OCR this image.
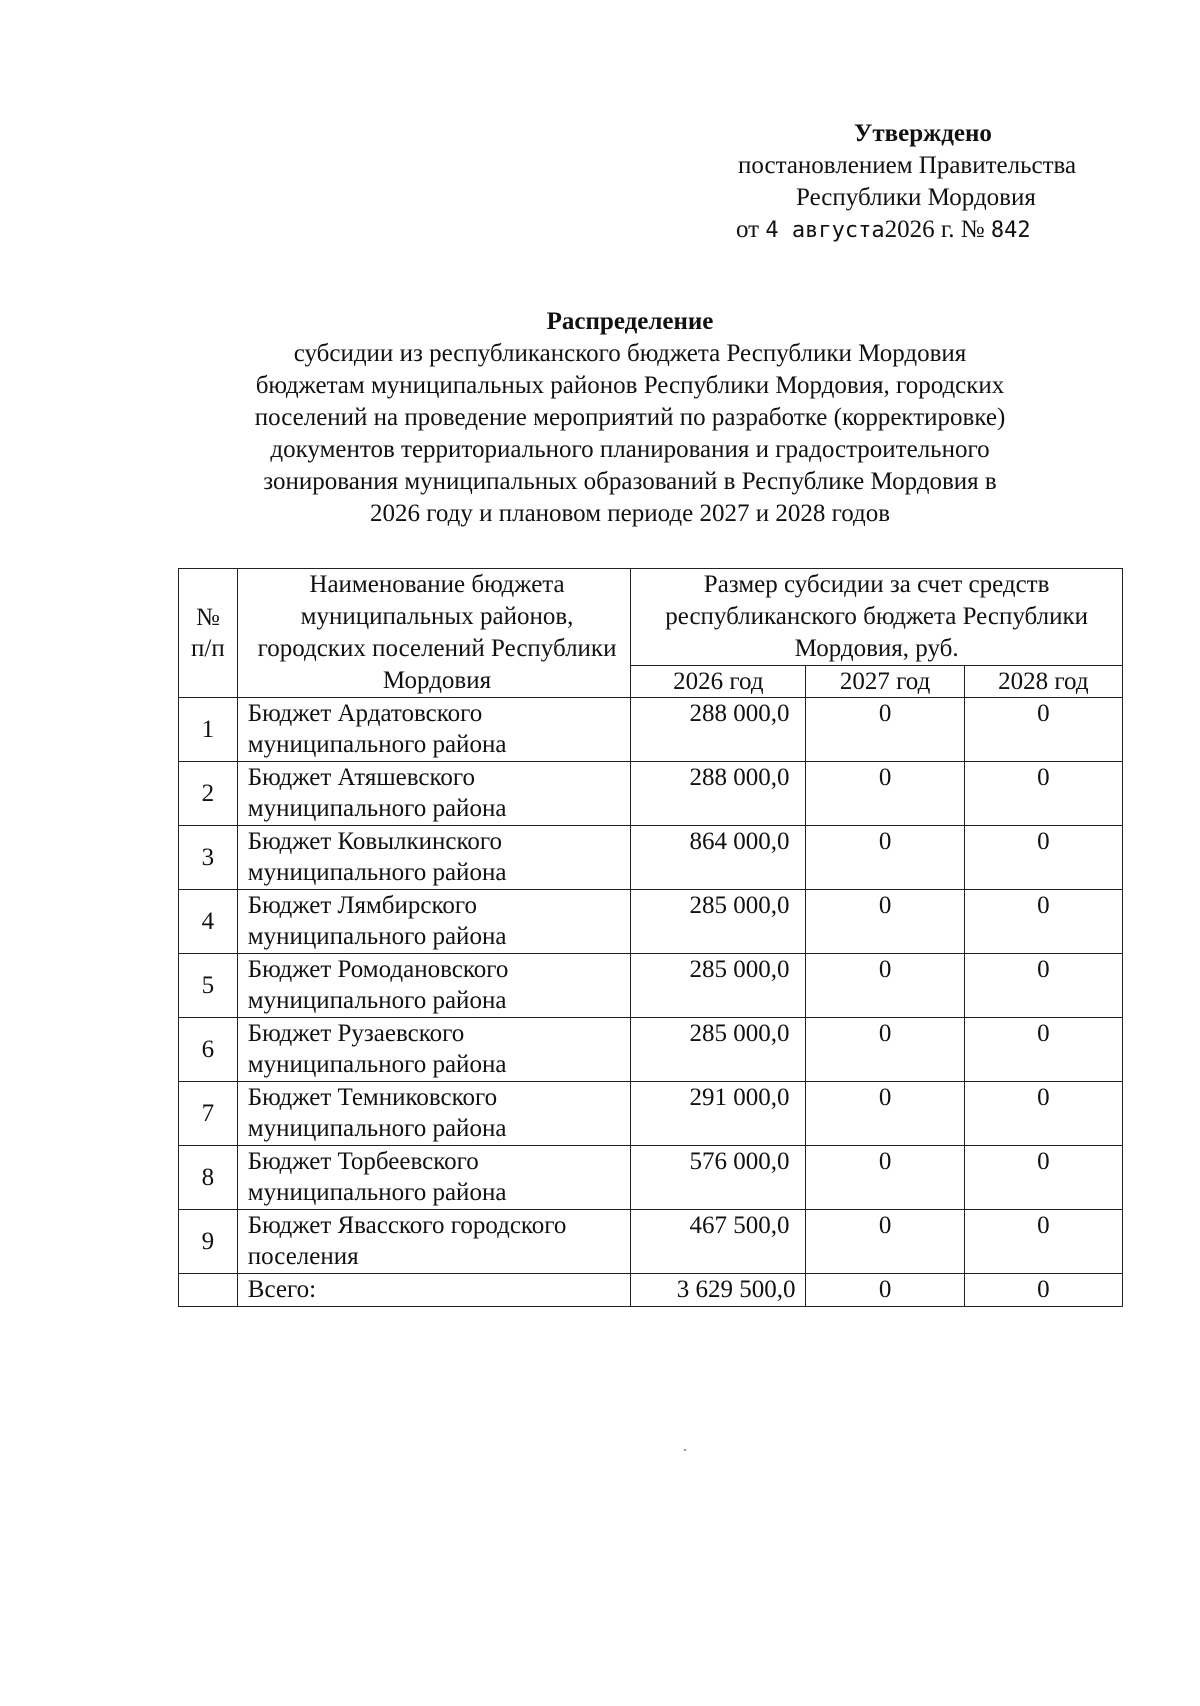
Утверждено
постановлением Правительства
Республики Мордовия
от 4 августа2026 г. № 842
Распределение
субсидии из республиканского бюджета Республики Мордовия
бюджетам муниципальных районов Республики Мордовия, городских
поселений на проведение мероприятий по разработке (корректировке)
документов территориального планирования и градостроительного
зонирования муниципальных образований в Республике Мордовия в
2026 году и плановом периоде 2027 и 2028 годов
№ п/п	Наименование бюджета муниципальных районов, городских поселений Республики Мордовия	Размер субсидии за счет средств республиканского бюджета Республики Мордовия, руб.		
		2026 год	2027 год	2028 год
1	Бюджет Ардатовского муниципального района	288 000,0	0	0
2	Бюджет Атяшевского муниципального района	288 000,0	0	0
3	Бюджет Ковылкинского муниципального района	864 000,0	0	0
4	Бюджет Лямбирского муниципального района	285 000,0	0	0
5	Бюджет Ромодановского муниципального района	285 000,0	0	0
6	Бюджет Рузаевского муниципального района	285 000,0	0	0
7	Бюджет Темниковского муниципального района	291 000,0	0	0
8	Бюджет Торбеевского муниципального района	576 000,0	0	0
9	Бюджет Явасского городского поселения	467 500,0	0	0
	Всего:	3 629 500,0	0	0
